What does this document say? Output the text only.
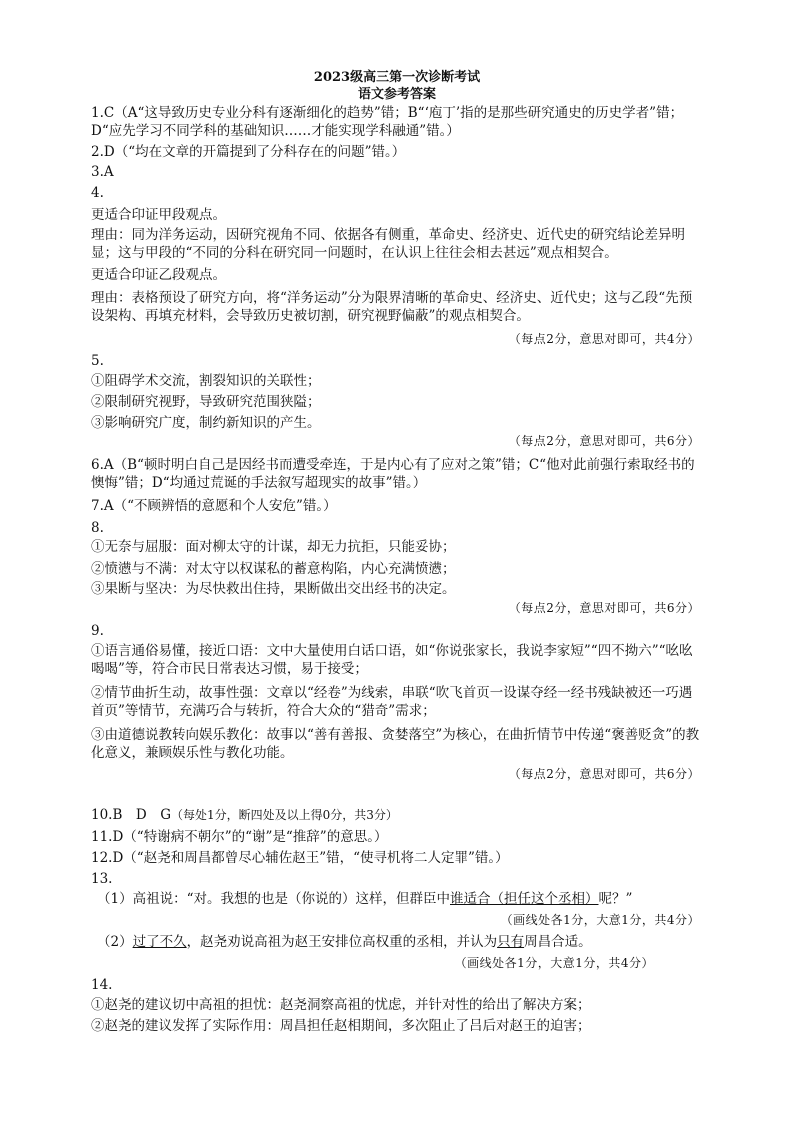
2023级高三第一次诊断考试
语文参考答案
1.C（A“这导致历史专业分科有逐渐细化的趋势”错；B“‘庖丁’指的是那些研究通史的历史学者”错；D“应先学习不同学科的基础知识……才能实现学科融通”错。）
2.D（“均在文章的开篇提到了分科存在的问题”错。）
3.A
4.
更适合印证甲段观点。
理由：同为洋务运动，因研究视角不同、依据各有侧重，革命史、经济史、近代史的研究结论差异明显；这与甲段的“不同的分科在研究同一问题时，在认识上往往会相去甚远”观点相契合。
更适合印证乙段观点。
理由：表格预设了研究方向，将“洋务运动”分为限界清晰的革命史、经济史、近代史；这与乙段“先预设架构、再填充材料，会导致历史被切割，研究视野偏蔽”的观点相契合。
（每点2分，意思对即可，共4分）
5.
①阻碍学术交流，割裂知识的关联性；
②限制研究视野，导致研究范围狭隘；
③影响研究广度，制约新知识的产生。
（每点2分，意思对即可，共6分）
6.A（B“顿时明白自己是因经书而遭受牵连，于是内心有了应对之策”错；C“他对此前强行索取经书的懊悔”错；D“均通过荒诞的手法叙写超现实的故事”错。）
7.A（“不顾辨悟的意愿和个人安危”错。）
8.
①无奈与屈服：面对柳太守的计谋，却无力抗拒，只能妥协；
②愤懑与不满：对太守以权谋私的蓄意构陷，内心充满愤懑；
③果断与坚决：为尽快救出住持，果断做出交出经书的决定。
（每点2分，意思对即可，共6分）
9.
①语言通俗易懂，接近口语：文中大量使用白话口语，如“你说张家长，我说李家短”“四不拗六”“吆吆喝喝”等，符合市民日常表达习惯，易于接受；
②情节曲折生动，故事性强：文章以“经卷”为线索，串联“吹飞首页一设谋夺经一经书残缺被还一巧遇首页”等情节，充满巧合与转折，符合大众的“猎奇”需求；
③由道德说教转向娱乐教化：故事以“善有善报、贪婪落空”为核心，在曲折情节中传递“褒善贬贪”的教化意义，兼顾娱乐性与教化功能。
（每点2分，意思对即可，共6分）
10.B　D　G（每处1分，断四处及以上得0分，共3分）
11.D（“特谢病不朝尔”的“谢”是“推辞”的意思。）
12.D（“赵尧和周昌都曾尽心辅佐赵王”错，“使寻机将二人定罪”错。）
13.
（1）高祖说：“对。我想的也是（你说的）这样，但群臣中谁适合（担任这个丞相）呢？”
（画线处各1分，大意1分，共4分）
（2）过了不久，赵尧劝说高祖为赵王安排位高权重的丞相，并认为只有周昌合适。
（画线处各1分，大意1分，共4分）
14.
①赵尧的建议切中高祖的担忧：赵尧洞察高祖的忧虑，并针对性的给出了解决方案；
②赵尧的建议发挥了实际作用：周昌担任赵相期间，多次阻止了吕后对赵王的迫害；
